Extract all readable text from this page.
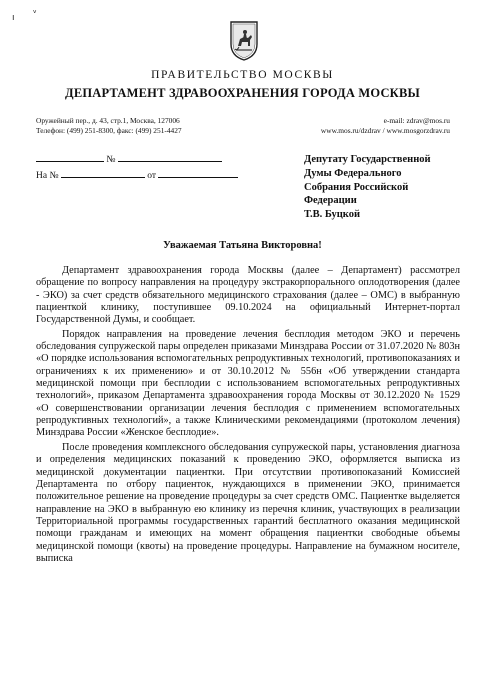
ı
ᵥ
ПРАВИТЕЛЬСТВО МОСКВЫ
ДЕПАРТАМЕНТ ЗДРАВООХРАНЕНИЯ ГОРОДА МОСКВЫ
Оружейный пер., д. 43, стр.1, Москва, 127006
Телефон: (499) 251-8300, факс: (499) 251-4427
e-mail: zdrav@mos.ru
www.mos.ru/dzdrav / www.mosgorzdrav.ru
№
На №	от
Депутату Государственной
Думы Федерального
Собрания Российской
Федерации
Т.В. Буцкой
Уважаемая Татьяна Викторовна!

Департамент здравоохранения города Москвы (далее – Департамент) рассмотрел обращение по вопросу направления на процедуру экстракорпорального оплодотворения (далее - ЭКО) за счет средств обязательного медицинского страхования (далее – ОМС) в выбранную пациенткой клинику, поступившее 09.10.2024 на официальный Интернет-портал Государственной Думы, и сообщает.

Порядок направления на проведение лечения бесплодия методом ЭКО и перечень обследования супружеской пары определен приказами Минздрава России от 31.07.2020 № 803н «О порядке использования вспомогательных репродуктивных технологий, противопоказаниях и ограничениях к их применению» и от 30.10.2012 № 556н «Об утверждении стандарта медицинской помощи при бесплодии с использованием вспомогательных репродуктивных технологий», приказом Департамента здравоохранения города Москвы от 30.12.2020 № 1529 «О совершенствовании организации лечения бесплодия с применением вспомогательных репродуктивных технологий», а также Клиническими рекомендациями (протоколом лечения) Минздрава России «Женское бесплодие».

После проведения комплексного обследования супружеской пары, установления диагноза и определения медицинских показаний к проведению ЭКО, оформляется выписка из медицинской документации пациентки. При отсутствии противопоказаний Комиссией Департамента по отбору пациенток, нуждающихся в применении ЭКО, принимается положительное решение на проведение процедуры за счет средств ОМС. Пациентке выделяется направление на ЭКО в выбранную ею клинику из перечня клиник, участвующих в реализации Территориальной программы государственных гарантий бесплатного оказания медицинской помощи гражданам и имеющих на момент обращения пациентки свободные объемы медицинской помощи (квоты) на проведение процедуры. Направление на бумажном носителе, выписка
